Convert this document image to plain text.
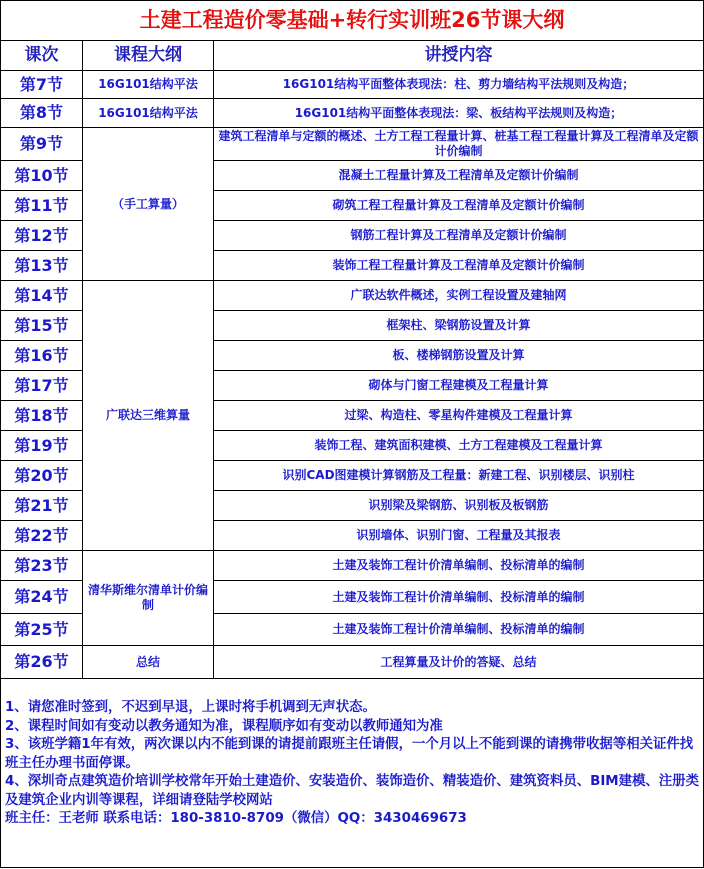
土建工程造价零基础+转行实训班26节课大纲		
课次	课程大纲	讲授内容
第7节	16G101结构平法	16G101结构平面整体表现法：柱、剪力墙结构平法规则及构造；
第8节	16G101结构平法	16G101结构平面整体表现法：梁、板结构平法规则及构造；
第9节	（手工算量）	建筑工程清单与定额的概述、土方工程工程量计算、桩基工程工程量计算及工程清单及定额计价编制
第10节		混凝土工程量计算及工程清单及定额计价编制
第11节		砌筑工程工程量计算及工程清单及定额计价编制
第12节		钢筋工程计算及工程清单及定额计价编制
第13节		装饰工程工程量计算及工程清单及定额计价编制
第14节	广联达三维算量	广联达软件概述，实例工程设置及建轴网
第15节		框架柱、梁钢筋设置及计算
第16节		板、楼梯钢筋设置及计算
第17节		砌体与门窗工程建模及工程量计算
第18节		过梁、构造柱、零星构件建模及工程量计算
第19节		装饰工程、建筑面积建模、土方工程建模及工程量计算
第20节		识别CAD图建模计算钢筋及工程量：新建工程、识别楼层、识别柱
第21节		识别梁及梁钢筋、识别板及板钢筋
第22节		识别墙体、识别门窗、工程量及其报表
第23节	清华斯维尔清单计价编制	土建及装饰工程计价清单编制、投标清单的编制
第24节		土建及装饰工程计价清单编制、投标清单的编制
第25节		土建及装饰工程计价清单编制、投标清单的编制
第26节	总结	工程算量及计价的答疑、总结
1、请您准时签到，不迟到早退，上课时将手机调到无声状态。
2、课程时间如有变动以教务通知为准，课程顺序如有变动以教师通知为准
3、该班学籍1年有效，两次课以内不能到课的请提前跟班主任请假，一个月以上不能到课的请携带收据等相关证件找班主任办理书面停课。
4、深圳奇点建筑造价培训学校常年开始土建造价、安装造价、装饰造价、精装造价、建筑资料员、BIM建模、注册类及建筑企业内训等课程，详细请登陆学校网站
班主任：王老师 联系电话：180-3810-8709（微信）QQ：3430469673
